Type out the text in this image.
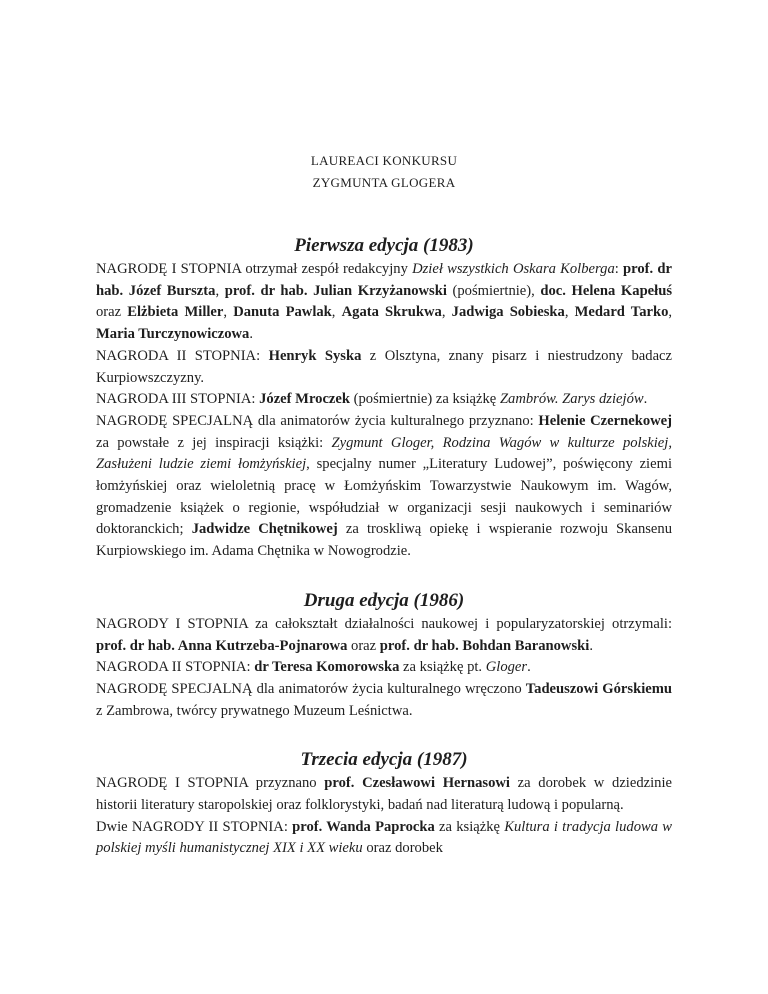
LAUREACI KONKURSU
ZYGMUNTA GLOGERA
Pierwsza edycja (1983)

NAGRODĘ I STOPNIA otrzymał zespół redakcyjny Dzieł wszystkich Oskara Kolberga: prof. dr hab. Józef Burszta, prof. dr hab. Julian Krzyżanowski (pośmiertnie), doc. Helena Kapełuś oraz Elżbieta Miller, Danuta Pawlak, Agata Skrukwa, Jadwiga Sobieska, Medard Tarko, Maria Turczynowiczowa.

NAGRODA II STOPNIA: Henryk Syska z Olsztyna, znany pisarz i niestrudzony badacz Kurpiowszczyzny.

NAGRODA III STOPNIA: Józef Mroczek (pośmiertnie) za książkę Zambrów. Zarys dziejów.

NAGRODĘ SPECJALNĄ dla animatorów życia kulturalnego przyznano: Helenie Czernekowej za powstałe z jej inspiracji książki: Zygmunt Gloger, Rodzina Wagów w kulturze polskiej, Zasłużeni ludzie ziemi łomżyńskiej, specjalny numer „Literatury Ludowej”, poświęcony ziemi łomżyńskiej oraz wieloletnią pracę w Łomżyńskim Towarzystwie Naukowym im. Wagów, gromadzenie książek o regionie, współudział w organizacji sesji naukowych i seminariów doktoranckich; Jadwidze Chętnikowej za troskliwą opiekę i wspieranie rozwoju Skansenu Kurpiowskiego im. Adama Chętnika w Nowogrodzie.

Druga edycja (1986)

NAGRODY I STOPNIA za całokształt działalności naukowej i popularyzatorskiej otrzymali: prof. dr hab. Anna Kutrzeba-Pojnarowa oraz prof. dr hab. Bohdan Baranowski.

NAGRODA II STOPNIA: dr Teresa Komorowska za książkę pt. Gloger.

NAGRODĘ SPECJALNĄ dla animatorów życia kulturalnego wręczono Tadeuszowi Górskiemu z Zambrowa, twórcy prywatnego Muzeum Leśnictwa.

Trzecia edycja (1987)

NAGRODĘ I STOPNIA przyznano prof. Czesławowi Hernasowi za dorobek w dziedzinie historii literatury staropolskiej oraz folklorystyki, badań nad literaturą ludową i popularną.

Dwie NAGRODY II STOPNIA: prof. Wanda Paprocka za książkę Kultura i tradycja ludowa w polskiej myśli humanistycznej XIX i XX wieku oraz dorobek
